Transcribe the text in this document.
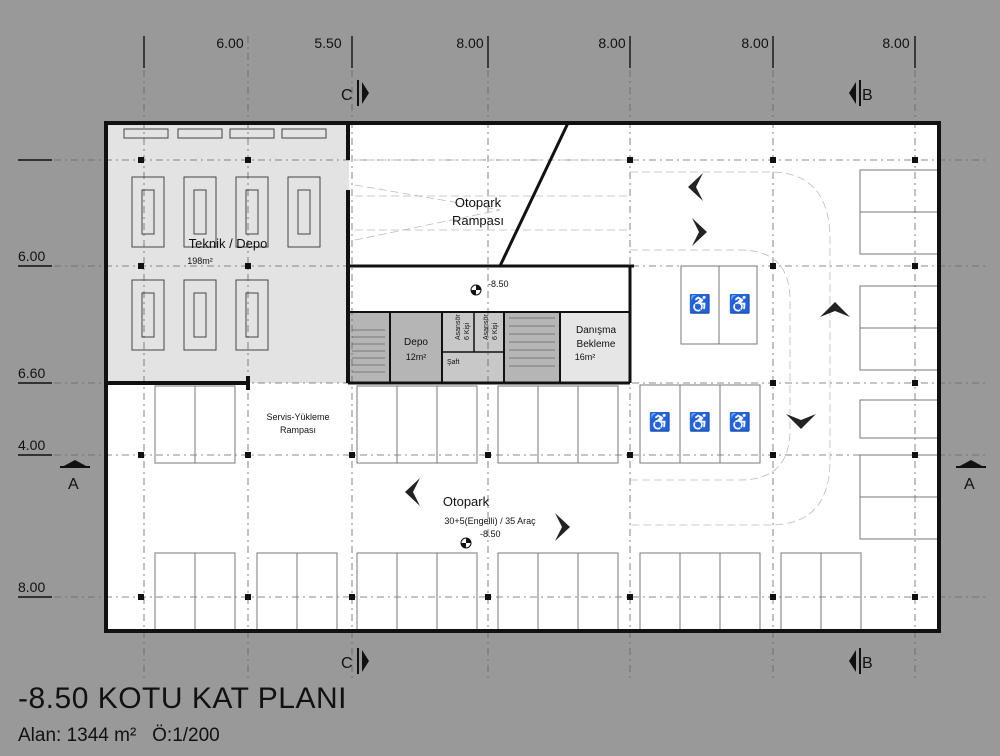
6.00	5.50	8.00	8.00	8.00	8.00
6.00
6.60
4.00
8.00
C
C
B
B
A	A
♿ ♿
♿ ♿ ♿
Teknik / Depo
198m²
Otopark
Rampası
-8.50
Depo
12m²
Asansör 6 Kişi Asansör 6 Kişi
Şaft
Danışma
Bekleme
16m²
Servis-Yükleme
Rampası
Otopark
30+5(Engelli) / 35 Araç
-8.50
-8.50 KOTU KAT PLANI
Alan: 1344 m² Ö:1/200
